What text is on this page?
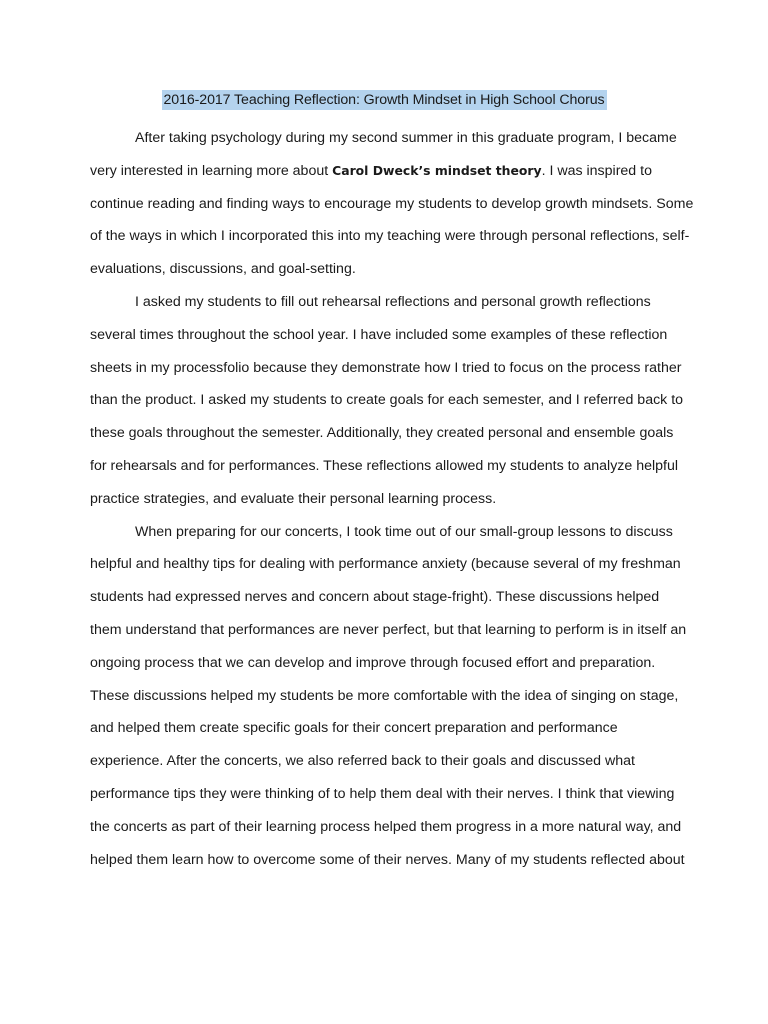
2016-2017 Teaching Reflection: Growth Mindset in High School Chorus

After taking psychology during my second summer in this graduate program, I became
very interested in learning more about Carol Dweck’s mindset theory. I was inspired to
continue reading and finding ways to encourage my students to develop growth mindsets. Some
of the ways in which I incorporated this into my teaching were through personal reflections, self-
evaluations, discussions, and goal-setting.

I asked my students to fill out rehearsal reflections and personal growth reflections
several times throughout the school year. I have included some examples of these reflection
sheets in my processfolio because they demonstrate how I tried to focus on the process rather
than the product. I asked my students to create goals for each semester, and I referred back to
these goals throughout the semester. Additionally, they created personal and ensemble goals
for rehearsals and for performances. These reflections allowed my students to analyze helpful
practice strategies, and evaluate their personal learning process.

When preparing for our concerts, I took time out of our small-group lessons to discuss
helpful and healthy tips for dealing with performance anxiety (because several of my freshman
students had expressed nerves and concern about stage-fright). These discussions helped
them understand that performances are never perfect, but that learning to perform is in itself an
ongoing process that we can develop and improve through focused effort and preparation.
These discussions helped my students be more comfortable with the idea of singing on stage,
and helped them create specific goals for their concert preparation and performance
experience. After the concerts, we also referred back to their goals and discussed what
performance tips they were thinking of to help them deal with their nerves. I think that viewing
the concerts as part of their learning process helped them progress in a more natural way, and
helped them learn how to overcome some of their nerves. Many of my students reflected about
